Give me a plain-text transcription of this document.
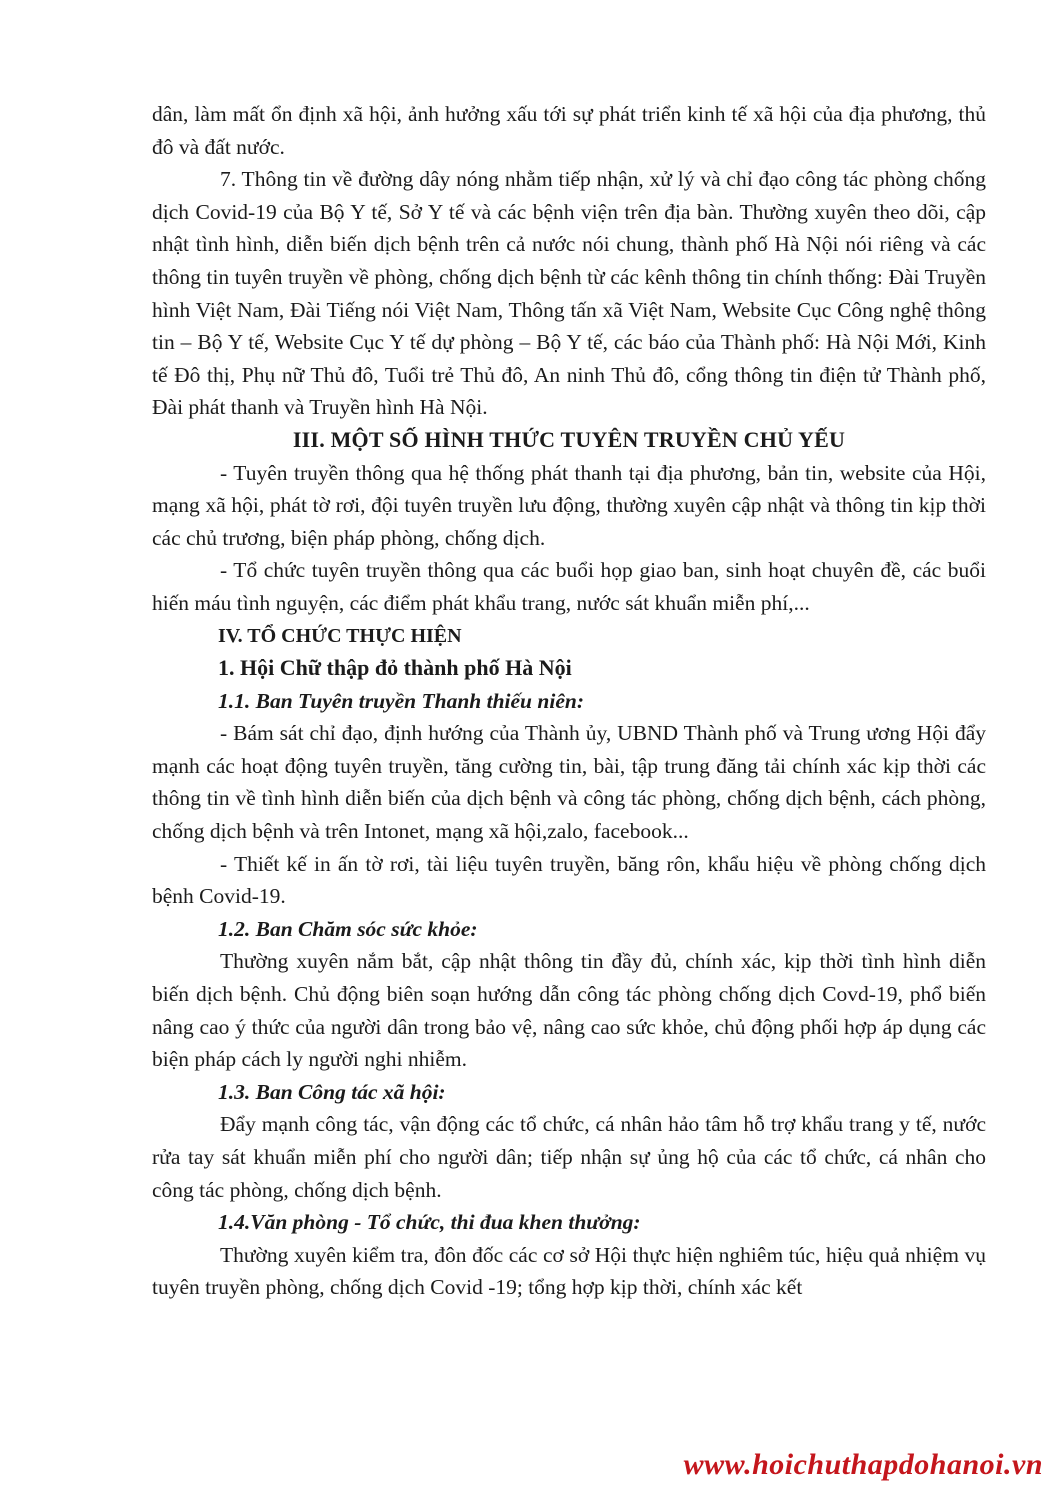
dân, làm mất ổn định xã hội, ảnh hưởng xấu tới sự phát triển kinh tế xã hội của địa phương, thủ đô và đất nước.

7. Thông tin về đường dây nóng nhằm tiếp nhận, xử lý và chỉ đạo công tác phòng chống dịch Covid-19 của Bộ Y tế, Sở Y tế và các bệnh viện trên địa bàn. Thường xuyên theo dõi, cập nhật tình hình, diễn biến dịch bệnh trên cả nước nói chung, thành phố Hà Nội nói riêng và các thông tin tuyên truyền về phòng, chống dịch bệnh từ các kênh thông tin chính thống: Đài Truyền hình Việt Nam, Đài Tiếng nói Việt Nam, Thông tấn xã Việt Nam, Website Cục Công nghệ thông tin – Bộ Y tế, Website Cục Y tế dự phòng – Bộ Y tế, các báo của Thành phố: Hà Nội Mới, Kinh tế Đô thị, Phụ nữ Thủ đô, Tuổi trẻ Thủ đô, An ninh Thủ đô, cổng thông tin điện tử Thành phố, Đài phát thanh và Truyền hình Hà Nội.

III. MỘT SỐ HÌNH THỨC TUYÊN TRUYỀN CHỦ YẾU

- Tuyên truyền thông qua hệ thống phát thanh tại địa phương, bản tin, website của Hội, mạng xã hội, phát tờ rơi, đội tuyên truyền lưu động, thường xuyên cập nhật và thông tin kịp thời các chủ trương, biện pháp phòng, chống dịch.

- Tổ chức tuyên truyền thông qua các buổi họp giao ban, sinh hoạt chuyên đề, các buổi hiến máu tình nguyện, các điểm phát khẩu trang, nước sát khuẩn miễn phí,...

IV. TỔ CHỨC THỰC HIỆN

1. Hội Chữ thập đỏ thành phố Hà Nội

1.1. Ban Tuyên truyền Thanh thiếu niên:

- Bám sát chỉ đạo, định hướng của Thành ủy, UBND Thành phố và Trung ương Hội đẩy mạnh các hoạt động tuyên truyền, tăng cường tin, bài, tập trung đăng tải chính xác kịp thời các thông tin về tình hình diễn biến của dịch bệnh và công tác phòng, chống dịch bệnh, cách phòng, chống dịch bệnh và trên Intonet, mạng xã hội,zalo, facebook...

- Thiết kế in ấn tờ rơi, tài liệu tuyên truyền, băng rôn, khẩu hiệu về phòng chống dịch bệnh Covid-19.

1.2. Ban Chăm sóc sức khỏe:

Thường xuyên nắm bắt, cập nhật thông tin đầy đủ, chính xác, kịp thời tình hình diễn biến dịch bệnh. Chủ động biên soạn hướng dẫn công tác phòng chống dịch Covd-19, phổ biến nâng cao ý thức của người dân trong bảo vệ, nâng cao sức khỏe, chủ động phối hợp áp dụng các biện pháp cách ly người nghi nhiễm.

1.3. Ban Công tác xã hội:

Đẩy mạnh công tác, vận động các tổ chức, cá nhân hảo tâm hỗ trợ khẩu trang y tế, nước rửa tay sát khuẩn miễn phí cho người dân; tiếp nhận sự ủng hộ của các tổ chức, cá nhân cho công tác phòng, chống dịch bệnh.

1.4.Văn phòng - Tổ chức, thi đua khen thưởng:

Thường xuyên kiểm tra, đôn đốc các cơ sở Hội thực hiện nghiêm túc, hiệu quả nhiệm vụ tuyên truyền phòng, chống dịch Covid -19; tổng hợp kịp thời, chính xác kết

www.hoichuthapdohanoi.vn
